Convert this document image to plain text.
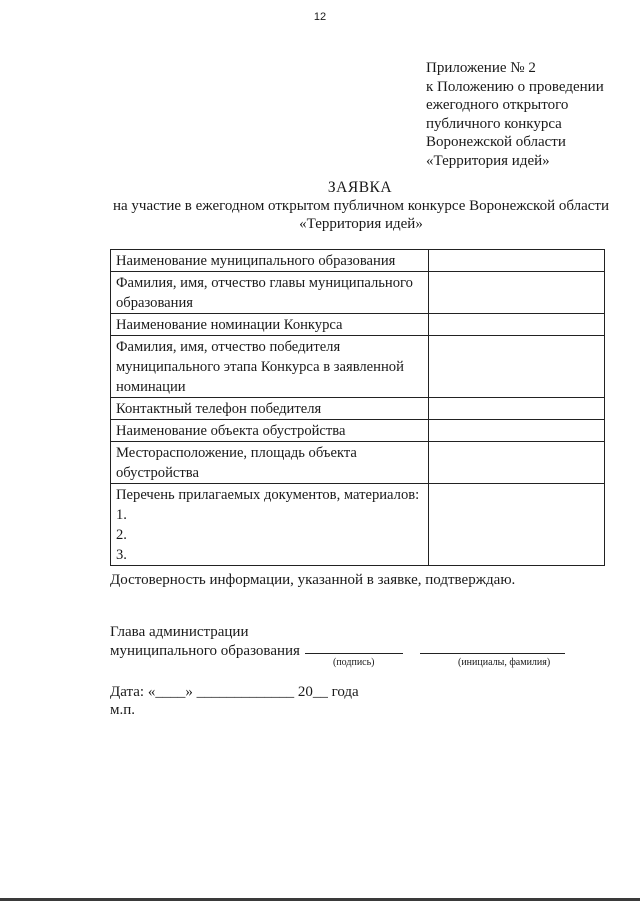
12
Приложение № 2
к Положению о проведении
ежегодного открытого
публичного конкурса
Воронежской области
«Территория идей»
ЗАЯВКА
на участие в ежегодном открытом публичном конкурсе Воронежской области
«Территория идей»
Наименование муниципального образования	
Фамилия, имя, отчество главы муниципального образования	
Наименование номинации Конкурса	
Фамилия, имя, отчество победителя муниципального этапа Конкурса в заявленной номинации	
Контактный телефон победителя	
Наименование объекта обустройства	
Месторасположение, площадь объекта обустройства	

Перечень прилагаемых документов, материалов:
1.
2.
3.	

Достоверность информации, указанной в заявке, подтверждаю.
Глава администрации
муниципального образования
(подпись)	(инициалы, фамилия)
Дата: «____» _____________ 20__ года
м.п.
